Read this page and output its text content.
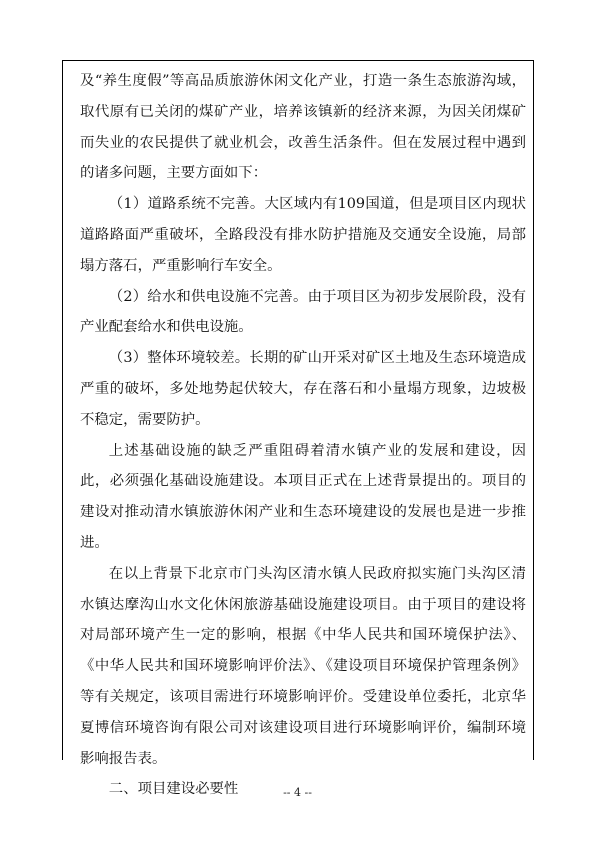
及“养生度假”等高品质旅游休闲文化产业，打造一条生态旅游沟域，取代原有已关闭的煤矿产业，培养该镇新的经济来源，为因关闭煤矿而失业的农民提供了就业机会，改善生活条件。但在发展过程中遇到的诸多问题，主要方面如下：

（1）道路系统不完善。大区域内有109国道，但是项目区内现状道路路面严重破坏，全路段没有排水防护措施及交通安全设施，局部塌方落石，严重影响行车安全。

（2）给水和供电设施不完善。由于项目区为初步发展阶段，没有产业配套给水和供电设施。

（3）整体环境较差。长期的矿山开采对矿区土地及生态环境造成严重的破坏，多处地势起伏较大，存在落石和小量塌方现象，边坡极不稳定，需要防护。

上述基础设施的缺乏严重阻碍着清水镇产业的发展和建设，因此，必须强化基础设施建设。本项目正式在上述背景提出的。项目的建设对推动清水镇旅游休闲产业和生态环境建设的发展也是进一步推进。

在以上背景下北京市门头沟区清水镇人民政府拟实施门头沟区清水镇达摩沟山水文化休闲旅游基础设施建设项目。由于项目的建设将对局部环境产生一定的影响，根据《中华人民共和国环境保护法》、《中华人民共和国环境影响评价法》、《建设项目环境保护管理条例》等有关规定，该项目需进行环境影响评价。受建设单位委托，北京华夏博信环境咨询有限公司对该建设项目进行环境影响评价，编制环境影响报告表。

二、项目建设必要性	-- 4 --
